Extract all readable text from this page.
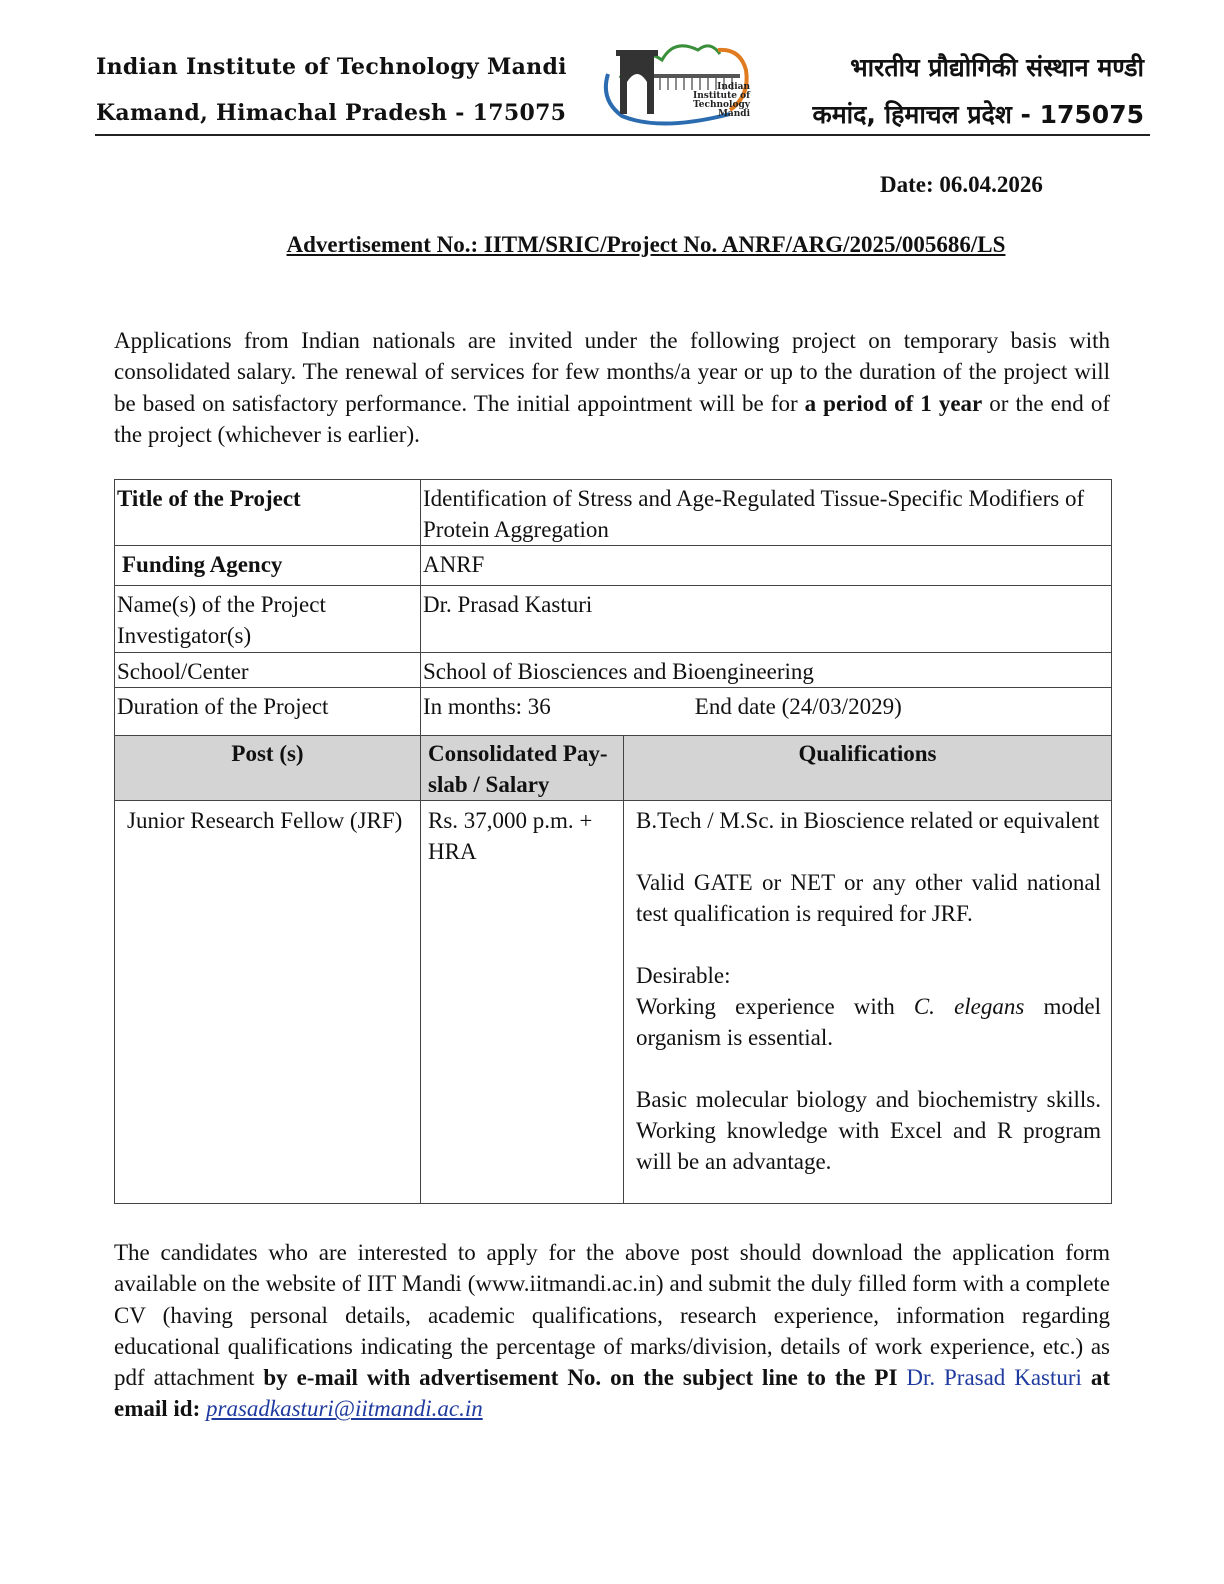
Indian Institute of Technology Mandi
Kamand, Himachal Pradesh - 175075
Indian
Institute of
Technology
Mandi
भारतीय प्रौद्योगिकी संस्थान मण्डी
कमांद, हिमाचल प्रदेश - 175075
Date: 06.04.2026
Advertisement No.: IITM/SRIC/Project No. ANRF/ARG/2025/005686/LS
Applications from Indian nationals are invited under the following project on temporary basis with consolidated salary. The renewal of services for few months/a year or up to the duration of the project will be based on satisfactory performance. The initial appointment will be for a period of 1 year or the end of the project (whichever is earlier).
Title of the Project	Identification of Stress and Age-Regulated Tissue-Specific Modifiers of Protein Aggregation	
Funding Agency	ANRF	
Name(s) of the Project Investigator(s)	Dr. Prasad Kasturi	
School/Center	School of Biosciences and Bioengineering	
Duration of the Project	In months: 36 End date (24/03/2029)	
Post (s)	Consolidated Pay-slab / Salary	Qualifications
Junior Research Fellow (JRF)	Rs. 37,000 p.m. + HRA	B.Tech / M.Sc. in Bioscience related or equivalent

Valid GATE or NET or any other valid national test qualification is required for JRF.

Desirable:

Working experience with C. elegans model organism is essential.

Basic molecular biology and biochemistry skills. Working knowledge with Excel and R program will be an advantage.

The candidates who are interested to apply for the above post should download the application form available on the website of IIT Mandi (www.iitmandi.ac.in) and submit the duly filled form with a complete CV (having personal details, academic qualifications, research experience, information regarding educational qualifications indicating the percentage of marks/division, details of work experience, etc.) as pdf attachment by e-mail with advertisement No. on the subject line to the PI Dr. Prasad Kasturi at email id: prasadkasturi@iitmandi.ac.in
